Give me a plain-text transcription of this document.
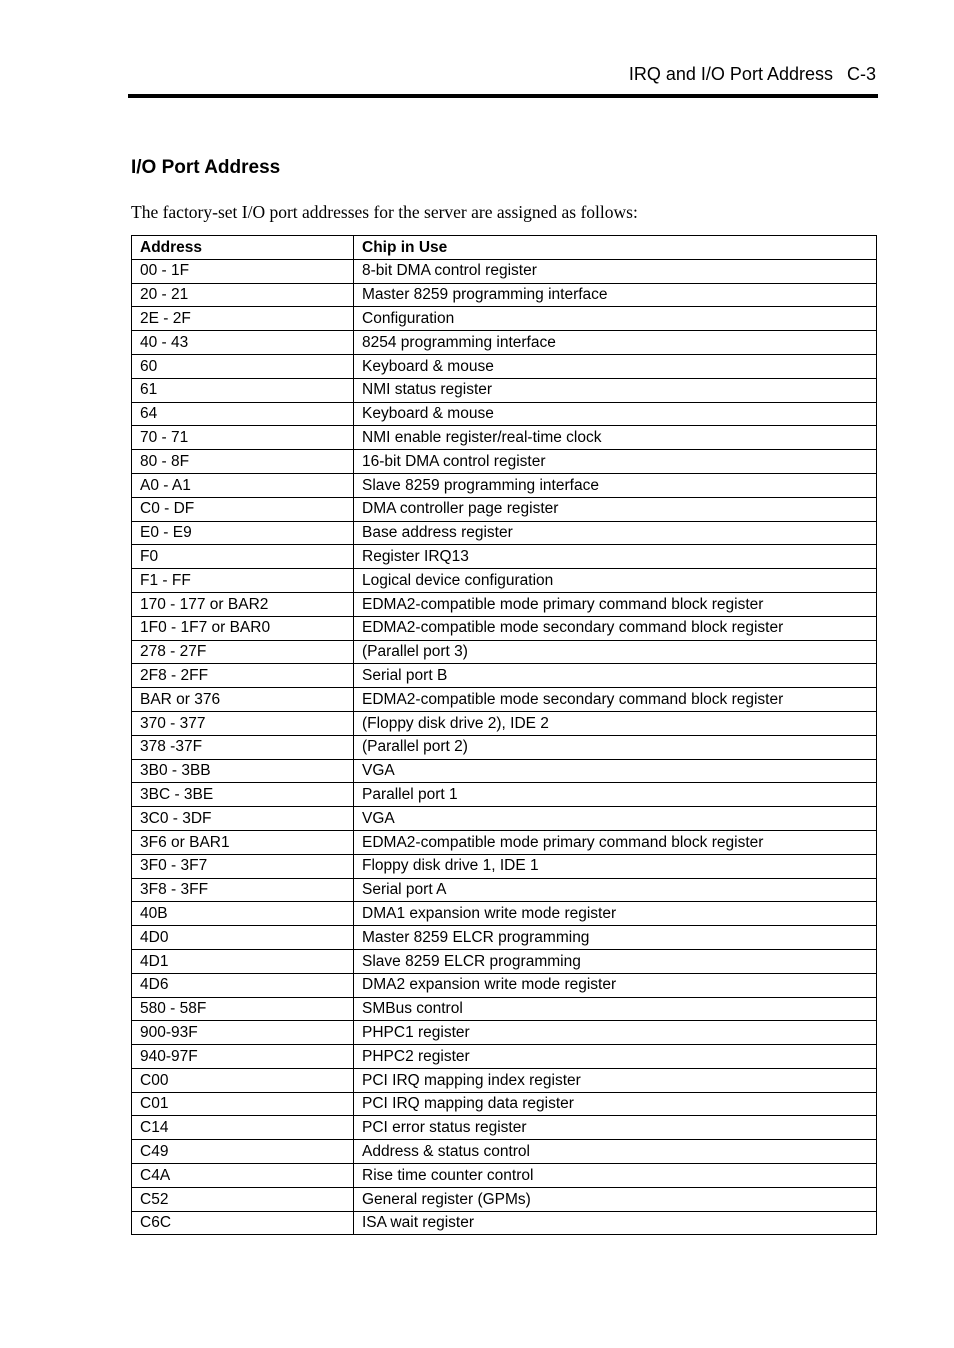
IRQ and I/O Port Address C-3
I/O Port Address

The factory-set I/O port addresses for the server are assigned as follows:

Address	Chip in Use
00 - 1F	8-bit DMA control register
20 - 21	Master 8259 programming interface
2E - 2F	Configuration
40 - 43	8254 programming interface
60	Keyboard & mouse
61	NMI status register
64	Keyboard & mouse
70 - 71	NMI enable register/real-time clock
80 - 8F	16-bit DMA control register
A0 - A1	Slave 8259 programming interface
C0 - DF	DMA controller page register
E0 - E9	Base address register
F0	Register IRQ13
F1 - FF	Logical device configuration
170 - 177 or BAR2	EDMA2-compatible mode primary command block register
1F0 - 1F7 or BAR0	EDMA2-compatible mode secondary command block register
278 - 27F	(Parallel port 3)
2F8 - 2FF	Serial port B
BAR or 376	EDMA2-compatible mode secondary command block register
370 - 377	(Floppy disk drive 2), IDE 2
378 -37F	(Parallel port 2)
3B0 - 3BB	VGA
3BC - 3BE	Parallel port 1
3C0 - 3DF	VGA
3F6 or BAR1	EDMA2-compatible mode primary command block register
3F0 - 3F7	Floppy disk drive 1, IDE 1
3F8 - 3FF	Serial port A
40B	DMA1 expansion write mode register
4D0	Master 8259 ELCR programming
4D1	Slave 8259 ELCR programming
4D6	DMA2 expansion write mode register
580 - 58F	SMBus control
900-93F	PHPC1 register
940-97F	PHPC2 register
C00	PCI IRQ mapping index register
C01	PCI IRQ mapping data register
C14	PCI error status register
C49	Address & status control
C4A	Rise time counter control
C52	General register (GPMs)
C6C	ISA wait register
